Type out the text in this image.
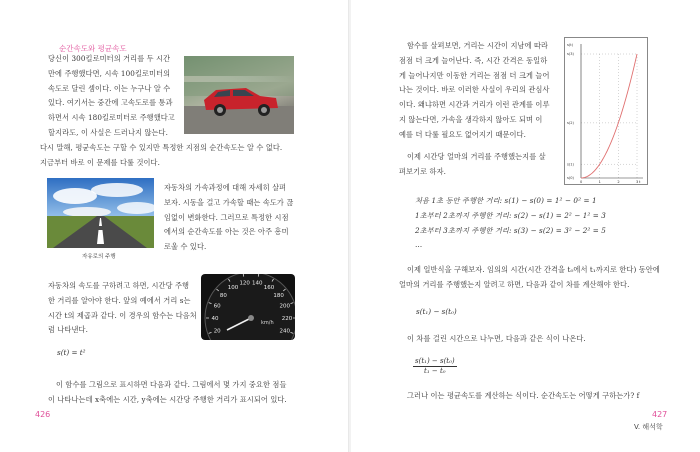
순간속도와 평균속도
당신이 300킬로미터의 거리를 두 시간
만에 주행했다면, 시속 100킬로미터의
속도로 달린 셈이다. 이는 누구나 알 수
있다. 여기서는 중간에 고속도로를 통과
하면서 시속 180킬로미터로 주행했다고
할지라도, 이 사실은 드러나지 않는다.
다시 말해, 평균속도는 구할 수 있지만 특정한 지점의 순간속도는 알 수 없다.
지금부터 바로 이 문제를 다룰 것이다.
자유로의 주행
자동차의 가속과정에 대해 자세히 살펴
보자. 시동을 걸고 가속할 때는 속도가 끊
임없이 변화한다. 그러므로 특정한 시점
에서의 순간속도를 아는 것은 아주 흥미
로울 수 있다.
자동차의 속도를 구하려고 하면, 시간당 주행
한 거리를 알아야 한다. 앞의 예에서 거리 s는
시간 t의 제곱과 같다. 이 경우의 함수는 다음처
럼 나타낸다.	20
40
60
80
100
120 140
160
180
200
220
240
km/h
s(t) = t²
이 함수를 그림으로 표시하면 다음과 같다. 그림에서 몇 가지 중요한 점들
이 나타나는데 x축에는 시간, y축에는 시간당 주행한 거리가 표시되어 있다.
426
함수를 살펴보면, 거리는 시간이 지남에 따라
점점 더 크게 늘어난다. 즉, 시간 간격은 동일하
게 늘어나지만 이동한 거리는 점점 더 크게 늘어
나는 것이다. 바로 이러한 사실이 우리의 관심사
이다. 왜냐하면 시간과 거리가 이런 관계를 이루
지 않는다면, 가속을 생각하지 않아도 되며 이
예를 더 다룰 필요도 없어지기 때문이다.
s(3)
s(2)
s(1)
s(0)
0	1	2	3
s(t)
t
이제 시간당 얼마의 거리를 주행했는지를 살
펴보기로 하자.
처음 1초 동안 주행한 거리: s(1) − s(0) = 1² − 0² = 1
1초부터 2초까지 주행한 거리: s(2) − s(1) = 2² − 1² = 3
2초부터 3초까지 주행한 거리: s(3) − s(2) = 3² − 2² = 5
…
이제 일반식을 구해보자. 임의의 시간(시간 간격을 t₀에서 t₁까지로 한다) 동안에
얼마의 거리를 주행했는지 알려고 하면, 다음과 같이 차를 계산해야 한다.
s(t₁) − s(t₀)
이 차를 걸린 시간으로 나누면, 다음과 같은 식이 나온다.
$\frac{\text{s(t₁) − s(t₀)}}{\text{t₁ − t₀}}$
그러나 이는 평균속도를 계산하는 식이다. 순간속도는 어떻게 구하는가? f
427
V. 해석학
